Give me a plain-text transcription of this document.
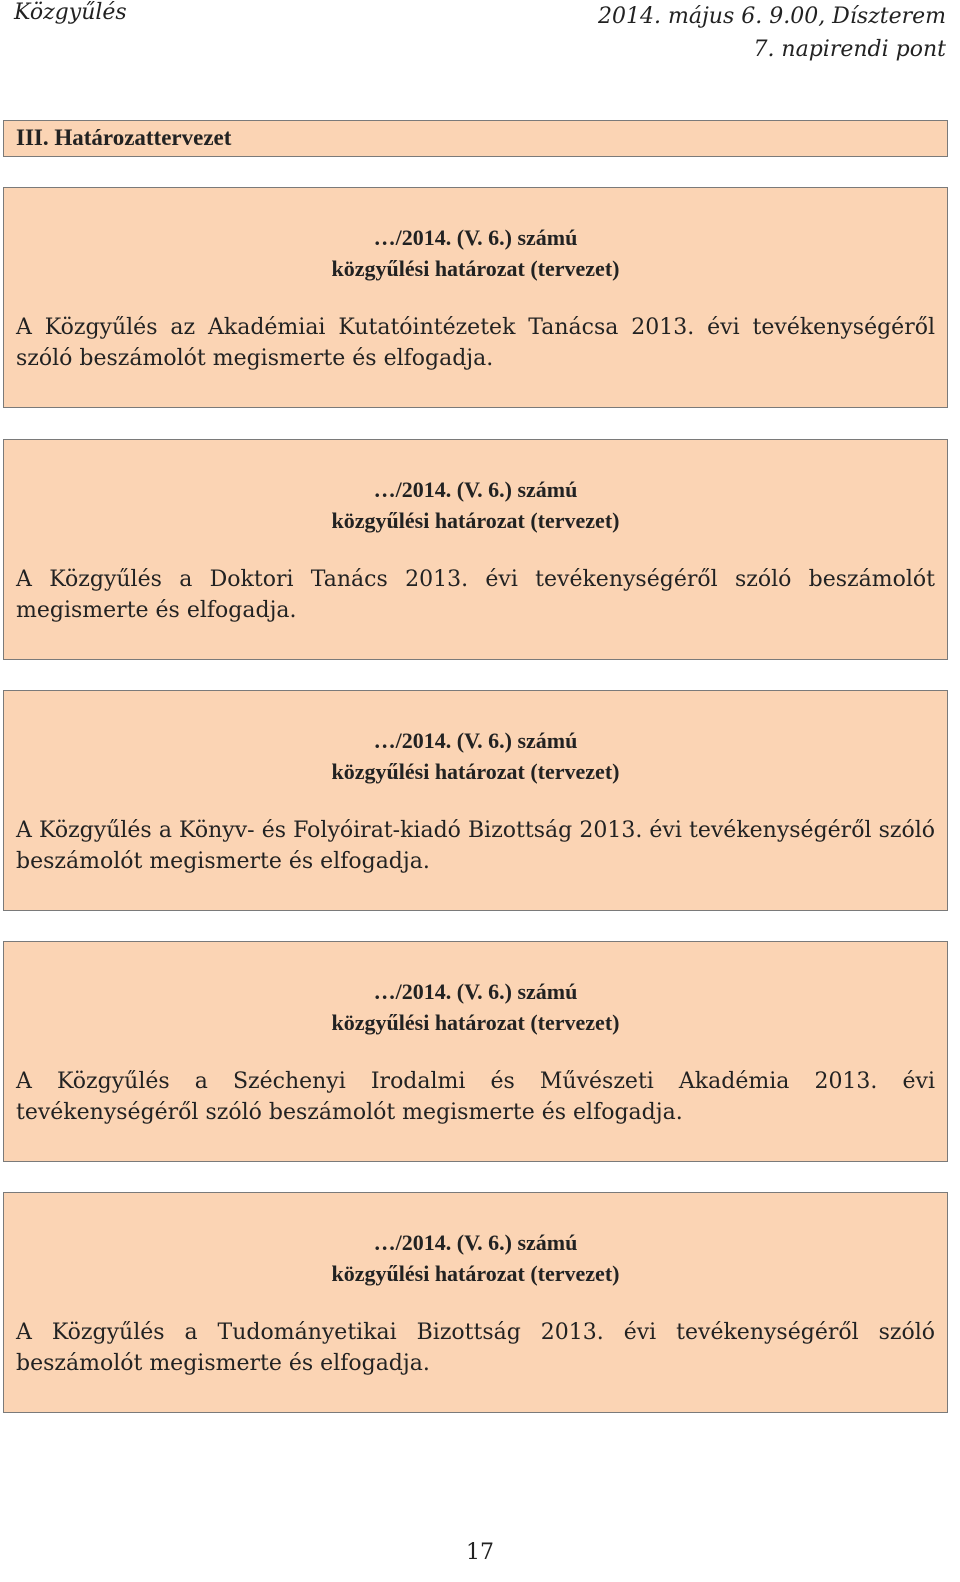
Közgyűlés	2014. május 6. 9.00, Díszterem
7. napirendi pont
III. Határozattervezet
…/2014. (V. 6.) számú
közgyűlési határozat (tervezet)
A Közgyűlés az Akadémiai Kutatóintézetek Tanácsa 2013. évi tevékenységéről szóló beszámolót megismerte és elfogadja.
…/2014. (V. 6.) számú
közgyűlési határozat (tervezet)
A Közgyűlés a Doktori Tanács 2013. évi tevékenységéről szóló beszámolót megismerte és elfogadja.
…/2014. (V. 6.) számú
közgyűlési határozat (tervezet)
A Közgyűlés a Könyv- és Folyóirat-kiadó Bizottság 2013. évi tevékenységéről szóló beszámolót megismerte és elfogadja.
…/2014. (V. 6.) számú
közgyűlési határozat (tervezet)
A Közgyűlés a Széchenyi Irodalmi és Művészeti Akadémia 2013. évi tevékenységéről szóló beszámolót megismerte és elfogadja.
…/2014. (V. 6.) számú
közgyűlési határozat (tervezet)
A Közgyűlés a Tudományetikai Bizottság 2013. évi tevékenységéről szóló beszámolót megismerte és elfogadja.
17
